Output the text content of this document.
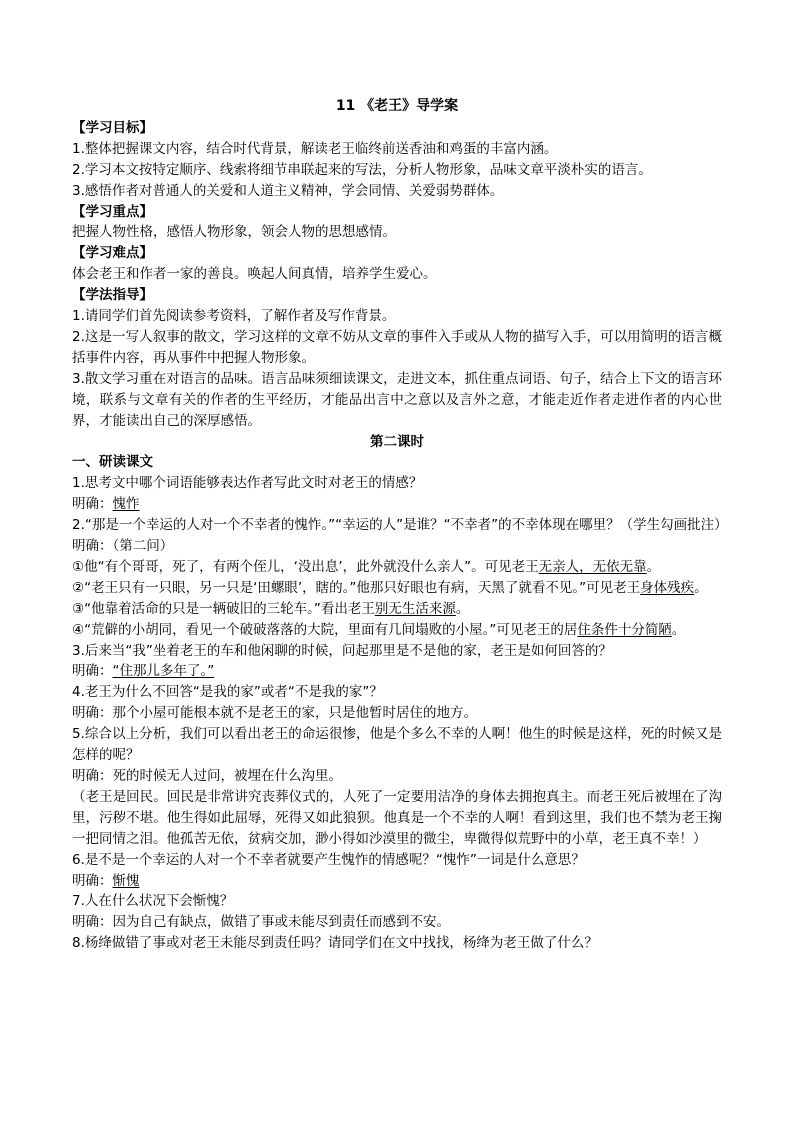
11 《老王》导学案
【学习目标】
1.整体把握课文内容，结合时代背景，解读老王临终前送香油和鸡蛋的丰富内涵。
2.学习本文按特定顺序、线索将细节串联起来的写法，分析人物形象，品味文章平淡朴实的语言。
3.感悟作者对普通人的关爱和人道主义精神，学会同情、关爱弱势群体。
【学习重点】
把握人物性格，感悟人物形象，领会人物的思想感情。
【学习难点】
体会老王和作者一家的善良。唤起人间真情，培养学生爱心。
【学法指导】
1.请同学们首先阅读参考资料，了解作者及写作背景。
2.这是一写人叙事的散文，学习这样的文章不妨从文章的事件入手或从人物的描写入手，可以用简明的语言概括事件内容，再从事件中把握人物形象。
3.散文学习重在对语言的品味。语言品味须细读课文，走进文本，抓住重点词语、句子，结合上下文的语言环境，联系与文章有关的作者的生平经历，才能品出言中之意以及言外之意，才能走近作者走进作者的内心世界，才能读出自己的深厚感悟。
第二课时
一、研读课文
1.思考文中哪个词语能够表达作者写此文时对老王的情感？
明确：愧怍
2.“那是一个幸运的人对一个不幸者的愧怍。”“幸运的人”是谁？“不幸者”的不幸体现在哪里？（学生勾画批注）
明确：（第二问）
①他“有个哥哥，死了，有两个侄儿，‘没出息’，此外就没什么亲人”。可见老王无亲人，无依无靠。
②“老王只有一只眼，另一只是‘田螺眼’，瞎的。”他那只好眼也有病，天黑了就看不见。”可见老王身体残疾。
③“他靠着活命的只是一辆破旧的三轮车。”看出老王别无生活来源。
④“荒僻的小胡同，看见一个破破落落的大院，里面有几间塌败的小屋。”可见老王的居住条件十分简陋。
3.后来当“我”坐着老王的车和他闲聊的时候，问起那里是不是他的家，老王是如何回答的？
明确：“住那儿多年了。”
4.老王为什么不回答“是我的家”或者“不是我的家”？
明确：那个小屋可能根本就不是老王的家，只是他暂时居住的地方。
5.综合以上分析，我们可以看出老王的命运很惨，他是个多么不幸的人啊！他生的时候是这样，死的时候又是怎样的呢？
明确：死的时候无人过问，被埋在什么沟里。
（老王是回民。回民是非常讲究丧葬仪式的，人死了一定要用洁净的身体去拥抱真主。而老王死后被埋在了沟里，污秽不堪。他生得如此屈辱，死得又如此狼狈。他真是一个不幸的人啊！看到这里，我们也不禁为老王掬一把同情之泪。他孤苦无依，贫病交加，渺小得如沙漠里的微尘，卑微得似荒野中的小草，老王真不幸！）
6.是不是一个幸运的人对一个不幸者就要产生愧怍的情感呢？“愧怍”一词是什么意思？
明确：惭愧
7.人在什么状况下会惭愧？
明确：因为自己有缺点，做错了事或未能尽到责任而感到不安。
8.杨绛做错了事或对老王未能尽到责任吗？请同学们在文中找找，杨绛为老王做了什么？
